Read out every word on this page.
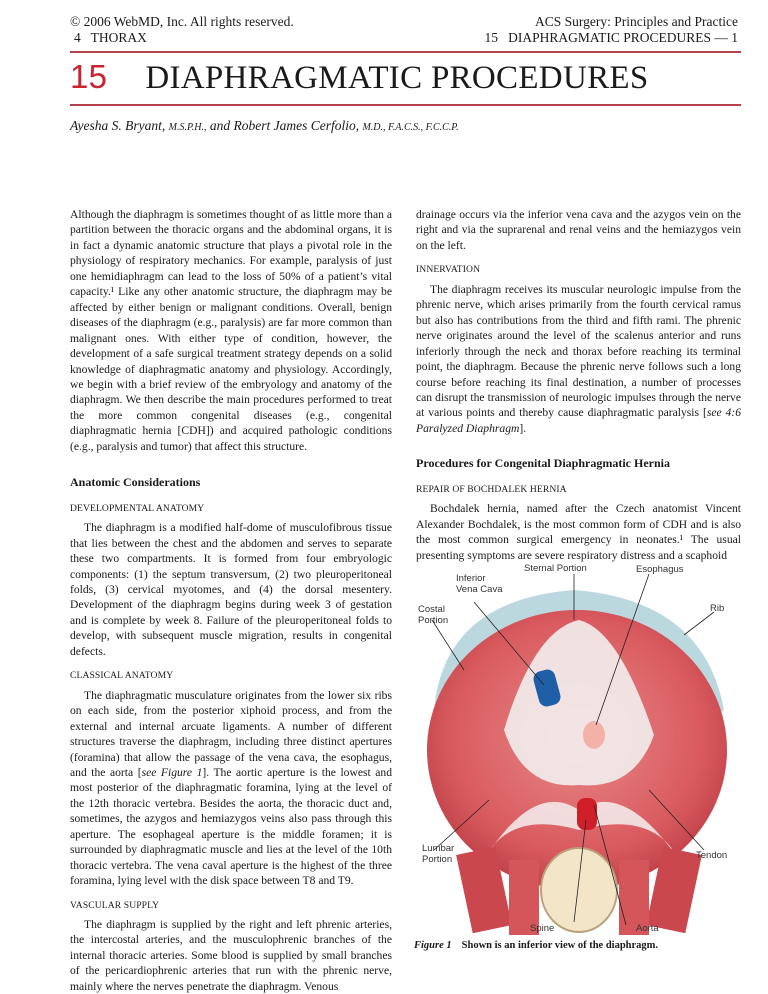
© 2006 WebMD, Inc. All rights reserved.
4   THORAX
ACS Surgery: Principles and Practice
15   DIAPHRAGMATIC PROCEDURES — 1
15 DIAPHRAGMATIC PROCEDURES
Ayesha S. Bryant, M.S.P.H., and Robert James Cerfolio, M.D., F.A.C.S., F.C.C.P.

Although the diaphragm is sometimes thought of as little more than a partition between the thoracic organs and the abdominal organs, it is in fact a dynamic anatomic structure that plays a pivotal role in the physiology of respiratory mechanics. For example, paralysis of just one hemidiaphragm can lead to the loss of 50% of a patient’s vital capacity.¹ Like any other anatomic structure, the diaphragm may be affected by either benign or malignant conditions. Overall, benign diseases of the diaphragm (e.g., paralysis) are far more common than malignant ones. With either type of condition, however, the development of a safe surgical treatment strategy depends on a solid knowledge of diaphragmatic anatomy and physiology. Accordingly, we begin with a brief review of the embryology and anatomy of the diaphragm. We then describe the main procedures performed to treat the more common congenital diseases (e.g., congenital diaphragmatic hernia [CDH]) and acquired pathologic conditions (e.g., paralysis and tumor) that affect this structure.

Anatomic Considerations

DEVELOPMENTAL ANATOMY

The diaphragm is a modified half-dome of musculofibrous tissue that lies between the chest and the abdomen and serves to separate these two compartments. It is formed from four embryologic components: (1) the septum transversum, (2) two pleuroperitoneal folds, (3) cervical myotomes, and (4) the dorsal mesentery. Development of the diaphragm begins during week 3 of gestation and is complete by week 8. Failure of the pleuroperitoneal folds to develop, with subsequent muscle migration, results in congenital defects.

CLASSICAL ANATOMY

The diaphragmatic musculature originates from the lower six ribs on each side, from the posterior xiphoid process, and from the external and internal arcuate ligaments. A number of different structures traverse the diaphragm, including three distinct apertures (foramina) that allow the passage of the vena cava, the esophagus, and the aorta [see Figure 1]. The aortic aperture is the lowest and most posterior of the diaphragmatic foramina, lying at the level of the 12th thoracic vertebra. Besides the aorta, the thoracic duct and, sometimes, the azygos and hemiazygos veins also pass through this aperture. The esophageal aperture is the middle foramen; it is surrounded by diaphragmatic muscle and lies at the level of the 10th thoracic vertebra. The vena caval aperture is the highest of the three foramina, lying level with the disk space between T8 and T9.

VASCULAR SUPPLY

The diaphragm is supplied by the right and left phrenic arteries, the intercostal arteries, and the musculophrenic branches of the internal thoracic arteries. Some blood is supplied by small branches of the pericardiophrenic arteries that run with the phrenic nerve, mainly where the nerves penetrate the diaphragm. Venous

drainage occurs via the inferior vena cava and the azygos vein on the right and via the suprarenal and renal veins and the hemiazygos vein on the left.

INNERVATION

The diaphragm receives its muscular neurologic impulse from the phrenic nerve, which arises primarily from the fourth cervical ramus but also has contributions from the third and fifth rami. The phrenic nerve originates around the level of the scalenus anterior and runs inferiorly through the neck and thorax before reaching its terminal point, the diaphragm. Because the phrenic nerve follows such a long course before reaching its final destination, a number of processes can disrupt the transmission of neurologic impulses through the nerve at various points and thereby cause diaphragmatic paralysis [see 4:6 Paralyzed Diaphragm].

Procedures for Congenital Diaphragmatic Hernia

REPAIR OF BOCHDALEK HERNIA

Bochdalek hernia, named after the Czech anatomist Vincent Alexander Bochdalek, is the most common form of CDH and is also the most common surgical emergency in neonates.¹ The usual presenting symptoms are severe respiratory distress and a scaphoid

Sternal Portion	Esophagus
Inferior
Vena Cava
Costal
Portion
Rib
Lumbar
Portion	Tendon
Spine	Aorta
Figure 1 Shown is an inferior view of the diaphragm.
